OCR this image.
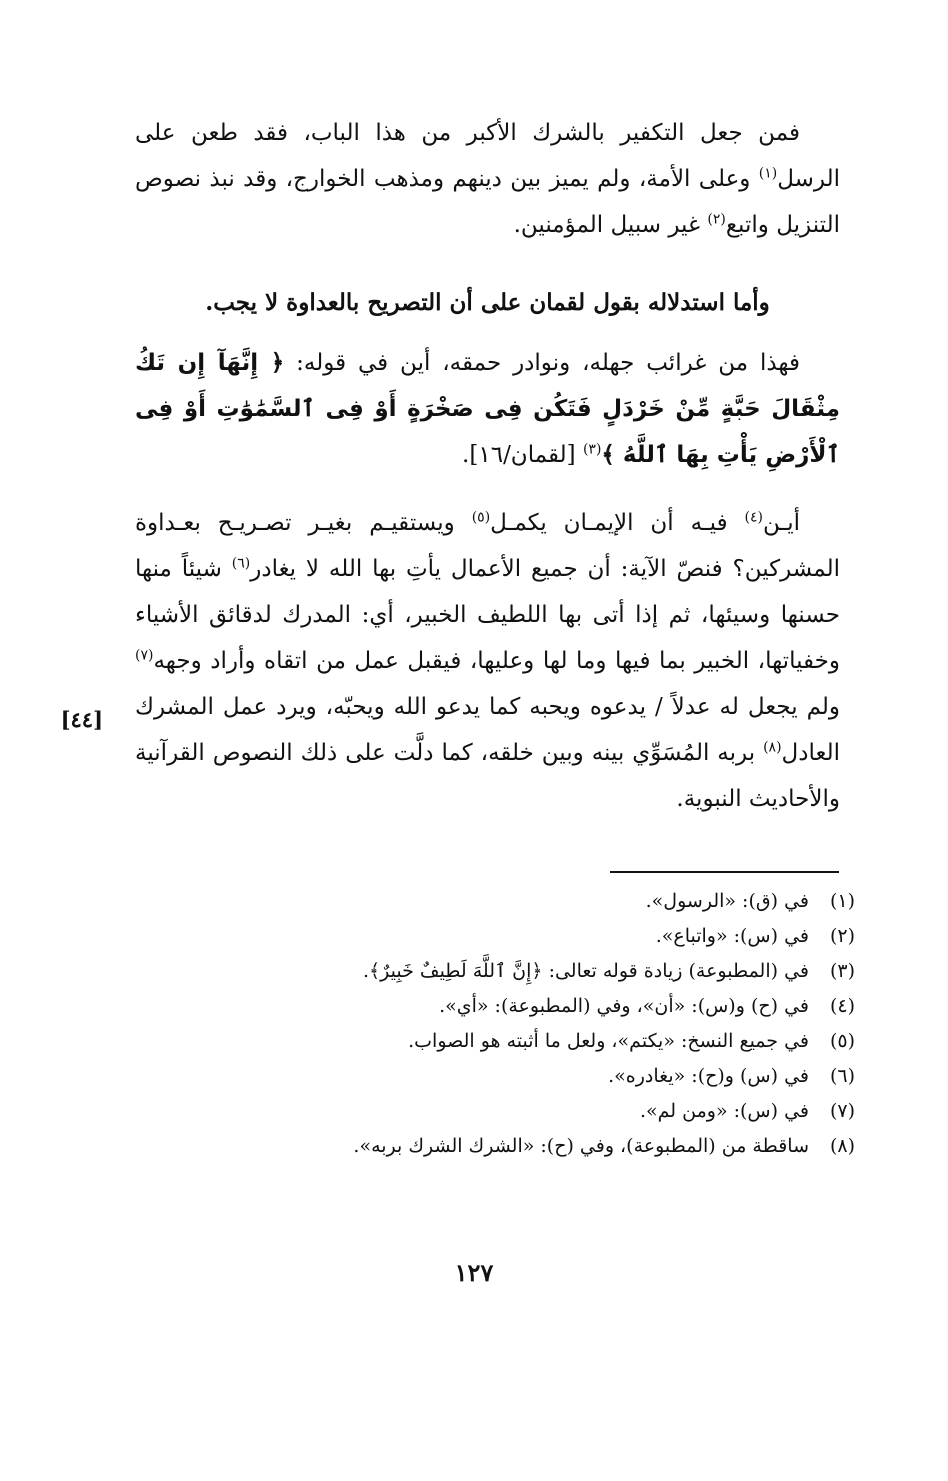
فمن جعل التكفير بالشرك الأكبر من هذا الباب، فقد طعن على الرسل$^{(١)}$ وعلى الأمة، ولم يميز بين دينهم ومذهب الخوارج، وقد نبذ نصوص التنزيل واتبع$^{(٢)}$ غير سبيل المؤمنين.

وأما استدلاله بقول لقمان على أن التصريح بالعداوة لا يجب.

فهذا من غرائب جهله، ونوادر حمقه، أين في قوله: ﴿ إِنَّهَآ إِن تَكُ مِثْقَالَ حَبَّةٍ مِّنْ خَرْدَلٍ فَتَكُن فِى صَخْرَةٍ أَوْ فِى ٱلسَّمَٰوَٰتِ أَوْ فِى ٱلْأَرْضِ يَأْتِ بِهَا ٱللَّهُ ﴾$^{(٣)}$ [لقمان/١٦].

أيـن$^{(٤)}$ فيـه أن الإيمـان يكمـل$^{(٥)}$ ويستقيـم بغيـر تصـريـح بعـداوة المشركين؟ فنصّ الآية: أن جميع الأعمال يأتِ بها الله لا يغادر$^{(٦)}$ شيئاً منها حسنها وسيئها، ثم إذا أتى بها اللطيف الخبير، أي: المدرك لدقائق الأشياء وخفياتها، الخبير بما فيها وما لها وعليها، فيقبل عمل من اتقاه وأراد وجهه$^{(٧)}$ ولم يجعل له عدلاً / يدعوه ويحبه كما يدعو الله ويحبّه، ويرد عمل المشرك العادل$^{(٨)}$ بربه المُسَوِّي بينه وبين خلقه، كما دلَّت على ذلك النصوص القرآنية والأحاديث النبوية.

[٤٤]
(١)في (ق): «الرسول».
(٢)في (س): «واتباع».
(٣)في (المطبوعة) زيادة قوله تعالى: ﴿إِنَّ ٱللَّهَ لَطِيفٌ خَبِيرٌ﴾.
(٤)في (ح) و(س): «أن»، وفي (المطبوعة): «أي».
(٥)في جميع النسخ: «يكتم»، ولعل ما أثبته هو الصواب.
(٦)في (س) و(ح): «يغادره».
(٧)في (س): «ومن لم».
(٨)ساقطة من (المطبوعة)، وفي (ح): «الشرك الشرك بربه».
١٢٧
